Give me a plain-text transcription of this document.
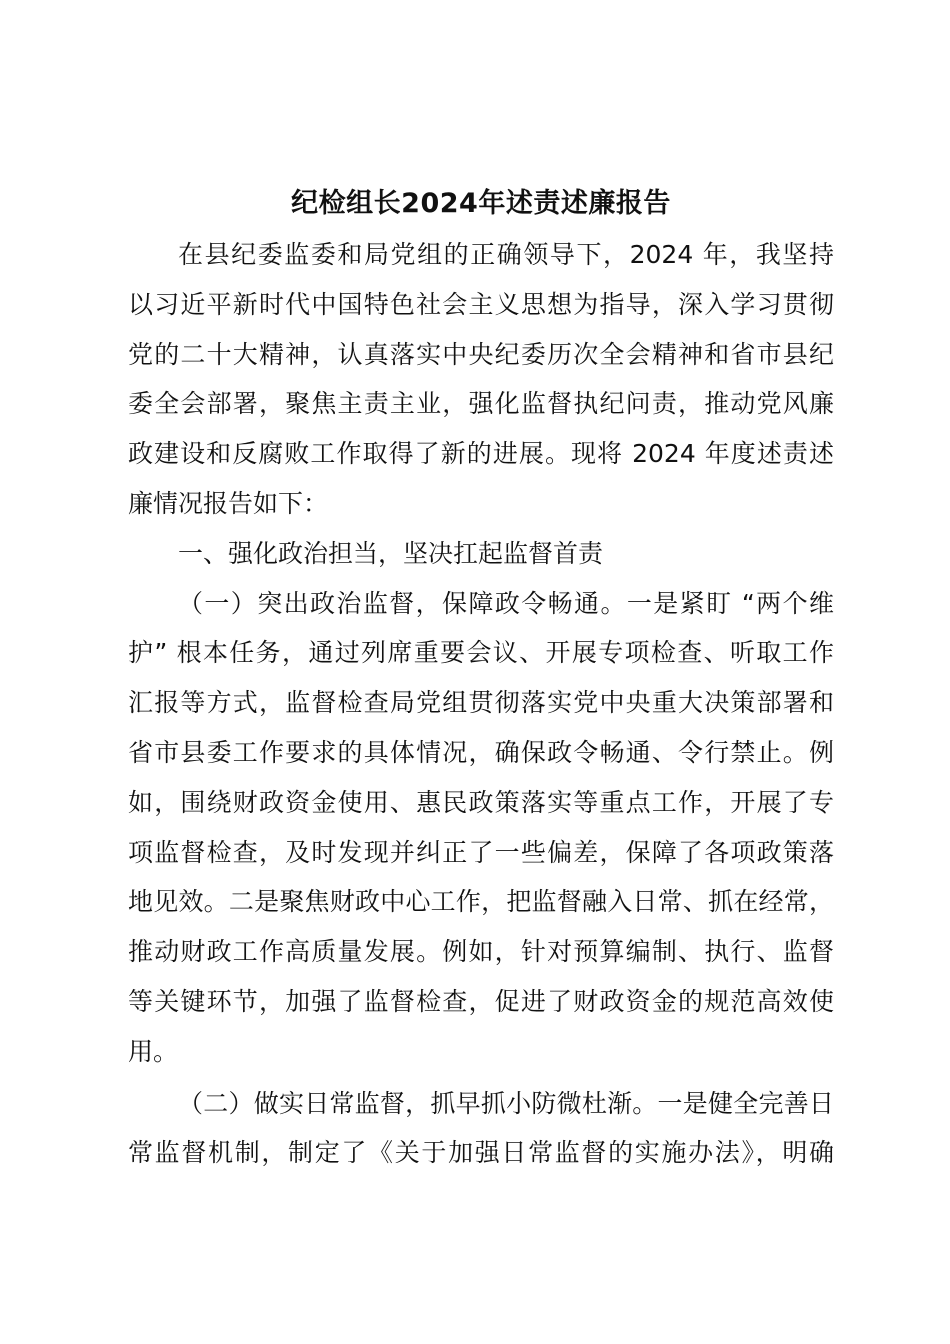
纪检组长2024年述责述廉报告

在县纪委监委和局党组的正确领导下，2024 年，我坚持
以习近平新时代中国特色社会主义思想为指导，深入学习贯彻
党的二十大精神，认真落实中央纪委历次全会精神和省市县纪
委全会部署，聚焦主责主业，强化监督执纪问责，推动党风廉
政建设和反腐败工作取得了新的进展。现将 2024 年度述责述
廉情况报告如下：

一、强化政治担当，坚决扛起监督首责

（一）突出政治监督，保障政令畅通。一是紧盯 “两个维
护” 根本任务，通过列席重要会议、开展专项检查、听取工作
汇报等方式，监督检查局党组贯彻落实党中央重大决策部署和
省市县委工作要求的具体情况，确保政令畅通、令行禁止。例
如，围绕财政资金使用、惠民政策落实等重点工作，开展了专
项监督检查，及时发现并纠正了一些偏差，保障了各项政策落
地见效。二是聚焦财政中心工作，把监督融入日常、抓在经常，
推动财政工作高质量发展。例如，针对预算编制、执行、监督
等关键环节，加强了监督检查，促进了财政资金的规范高效使
用。

（二）做实日常监督，抓早抓小防微杜渐。一是健全完善日
常监督机制，制定了《关于加强日常监督的实施办法》，明确
